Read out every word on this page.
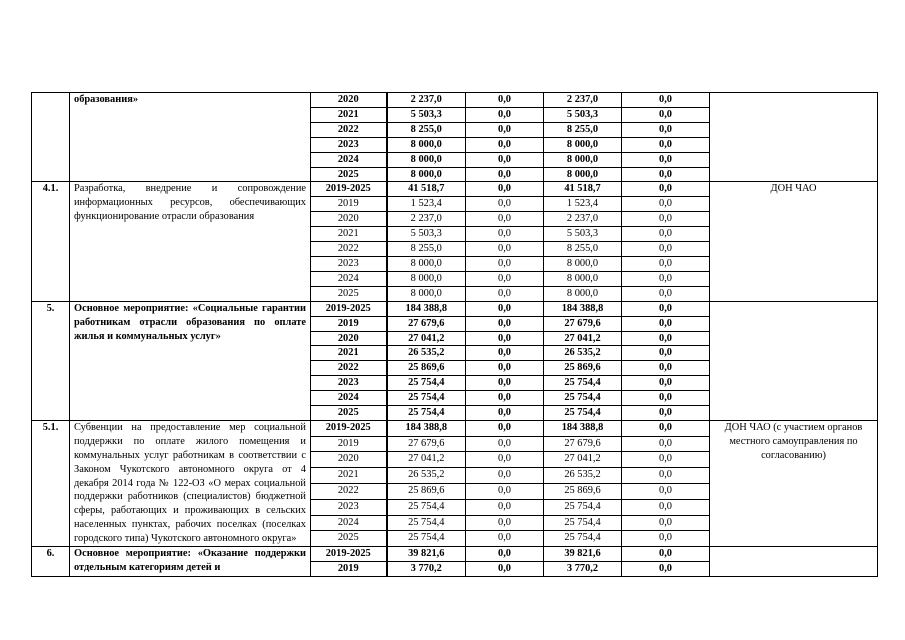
	образования»	2020	2 237,0	0,0	2 237,0	0,0	
		2021	5 503,3	0,0	5 503,3	0,0	
		2022	8 255,0	0,0	8 255,0	0,0	
		2023	8 000,0	0,0	8 000,0	0,0	
		2024	8 000,0	0,0	8 000,0	0,0	
		2025	8 000,0	0,0	8 000,0	0,0	
4.1.	Разработка, внедрение и сопровождение информационных ресурсов, обеспечивающих функционирование отрасли образования	2019-2025	41 518,7	0,0	41 518,7	0,0	ДОН ЧАО
		2019	1 523,4	0,0	1 523,4	0,0	
		2020	2 237,0	0,0	2 237,0	0,0	
		2021	5 503,3	0,0	5 503,3	0,0	
		2022	8 255,0	0,0	8 255,0	0,0	
		2023	8 000,0	0,0	8 000,0	0,0	
		2024	8 000,0	0,0	8 000,0	0,0	
		2025	8 000,0	0,0	8 000,0	0,0	
5.	Основное мероприятие: «Социальные гарантии работникам отрасли образования по оплате жилья и коммунальных услуг»	2019-2025	184 388,8	0,0	184 388,8	0,0	
		2019	27 679,6	0,0	27 679,6	0,0	
		2020	27 041,2	0,0	27 041,2	0,0	
		2021	26 535,2	0,0	26 535,2	0,0	
		2022	25 869,6	0,0	25 869,6	0,0	
		2023	25 754,4	0,0	25 754,4	0,0	
		2024	25 754,4	0,0	25 754,4	0,0	
		2025	25 754,4	0,0	25 754,4	0,0	
5.1.	Субвенции на предоставление мер социальной поддержки по оплате жилого помещения и коммунальных услуг работникам в соответствии с Законом Чукотского автономного округа от 4 декабря 2014 года № 122-ОЗ «О мерах социальной поддержки работников (специалистов) бюджетной сферы, работающих и проживающих в сельских населенных пунктах, рабочих поселках (поселках городского типа) Чукотского автономного округа»	2019-2025	184 388,8	0,0	184 388,8	0,0	ДОН ЧАО (с участием органов местного самоуправления по согласованию)
		2019	27 679,6	0,0	27 679,6	0,0	
		2020	27 041,2	0,0	27 041,2	0,0	
		2021	26 535,2	0,0	26 535,2	0,0	
		2022	25 869,6	0,0	25 869,6	0,0	
		2023	25 754,4	0,0	25 754,4	0,0	
		2024	25 754,4	0,0	25 754,4	0,0	
		2025	25 754,4	0,0	25 754,4	0,0	
6.	Основное мероприятие: «Оказание поддержки отдельным категориям детей и	2019-2025	39 821,6	0,0	39 821,6	0,0	
		2019	3 770,2	0,0	3 770,2	0,0	
